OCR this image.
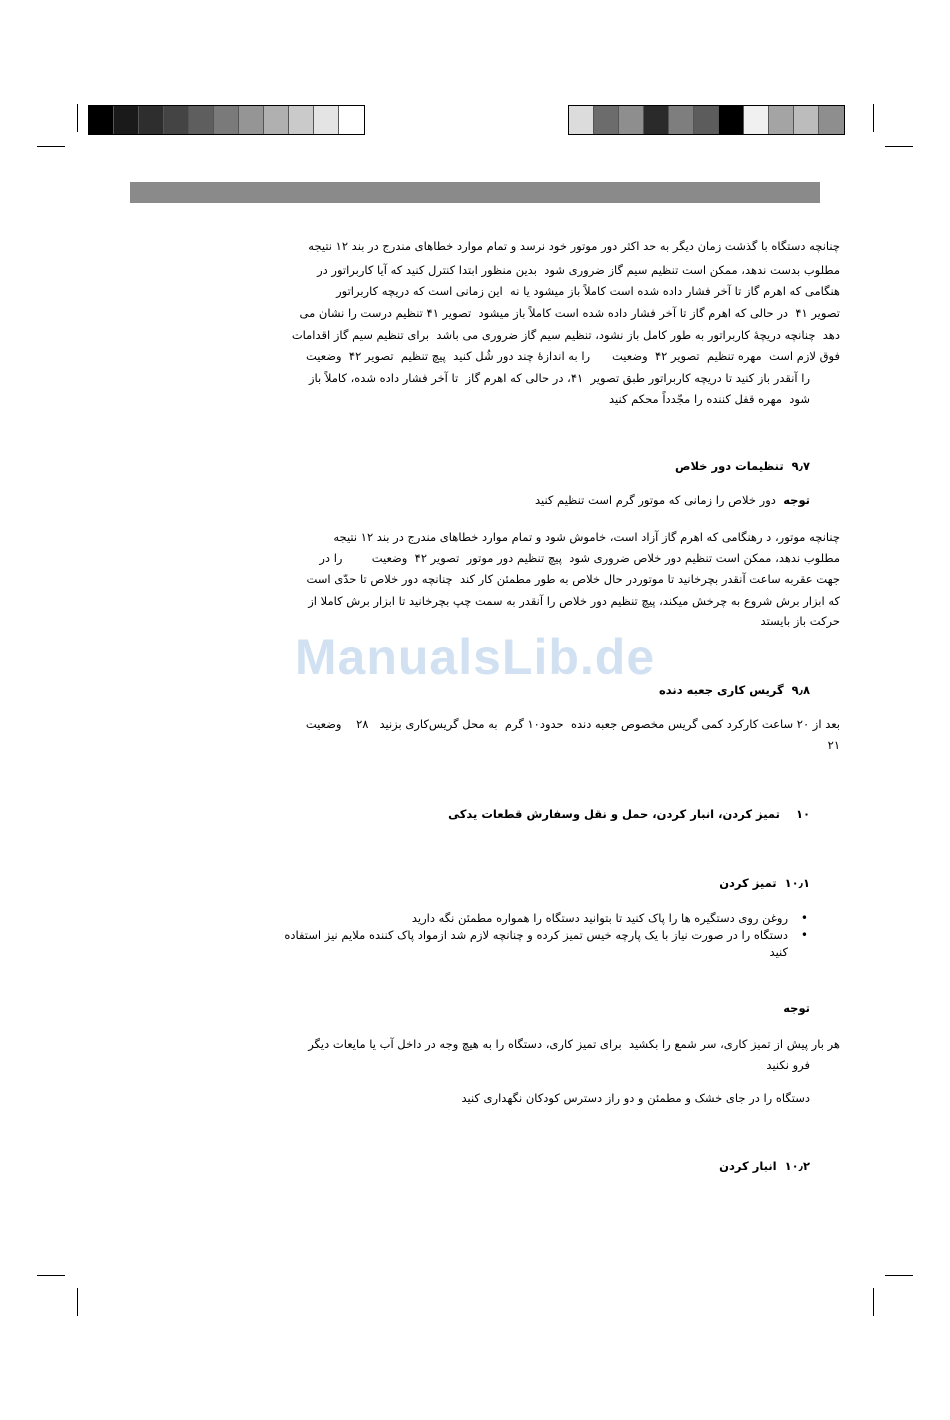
چنانچه دستگاه با گذشت زمان دیگر به حد اکثر دور موتور خود نرسد و تمام موارد خطاهای مندرج در بند ۱۲ نتیجه
مطلوب بدست ندهد، ممکن است تنظیم سیم گاز ضروری شود  بدین منظور ابتدا کنترل کنید که آیا کاربراتور در
هنگامی که اهرم گاز تا آخر فشار داده شده است کاملاً باز میشود یا نه  این زمانی است که دریچه کاربراتور
تصویر ۴۱  در حالی که اهرم گاز تا آخر فشار داده شده است کاملاً باز میشود  تصویر ۴۱ تنظیم درست را نشان می
دهد  چنانچه دریچهٔ کاربراتور به طور کامل باز نشود، تنظیم سیم گاز ضروری می باشد  برای تنظیم سیم گاز اقدامات
فوق لازم است  مهره تنظیم  تصویر ۴۲  وضعیت      را به اندازهٔ چند دور شُل کنید  پیچ تنظیم  تصویر ۴۲  وضعیت
را آنقدر باز کنید تا دریچه کاربراتور طبق تصویر  ۴۱، در حالی که اهرم گاز  تا آخر فشار داده شده، کاملاً باز
شود  مهره قفل کننده را مجّدداً محکم کنید
۹٫۷  تنظیمات دور خلاص
توجه  دور خلاص را زمانی که موتور گرم است تنظیم کنید
چنانچه موتور، د رهنگامی که اهرم گاز آزاد است، خاموش شود و تمام موارد خطاهای مندرج در بند ۱۲ نتیجه
مطلوب ندهد، ممکن است تنظیم دور خلاص ضروری شود  پیچ تنظیم دور موتور  تصویر ۴۲  وضعیت        را در
جهت عقربه ساعت آنقدر بچرخانید تا موتوردر حال خلاص به طور مطمئن کار کند  چنانچه دور خلاص تا حدّی است
که ابزار برش شروع به چرخش میکند، پیچ تنظیم دور خلاص را آنقدر به سمت چپ بچرخانید تا ابزار برش کاملا از
حرکت باز بایستد
ManualsLib.de
۹٫۸  گریس کاری جعبه دنده
بعد از ۲۰ ساعت کارکرد کمی گریس مخصوص جعبه دنده  حدود۱۰ گرم  به محل گریس‌کاری بزنید   ۲۸    وضعیت
۲۱
۱۰    تمیز کردن، انبار کردن، حمل و نقل وسفارش قطعات یدکی
۱۰٫۱  تمیز کردن
•
روغن روی دستگیره ها را پاک کنید تا بتوانید دستگاه را همواره مطمئن نگه دارید
•
دستگاه را در صورت نیاز با یک پارچه خیس تمیز کرده و چنانچه لازم شد ازمواد پاک کننده ملایم نیز استفاده
کنید
توجه
هر بار پیش از تمیز کاری، سر شمع را بکشید  برای تمیز کاری، دستگاه را به هیچ وجه در داخل آب یا مایعات دیگر
فرو نکنید
دستگاه را در جای خشک و مطمئن و دو راز دسترس کودکان نگهداری کنید
۱۰٫۲  انبار کردن
